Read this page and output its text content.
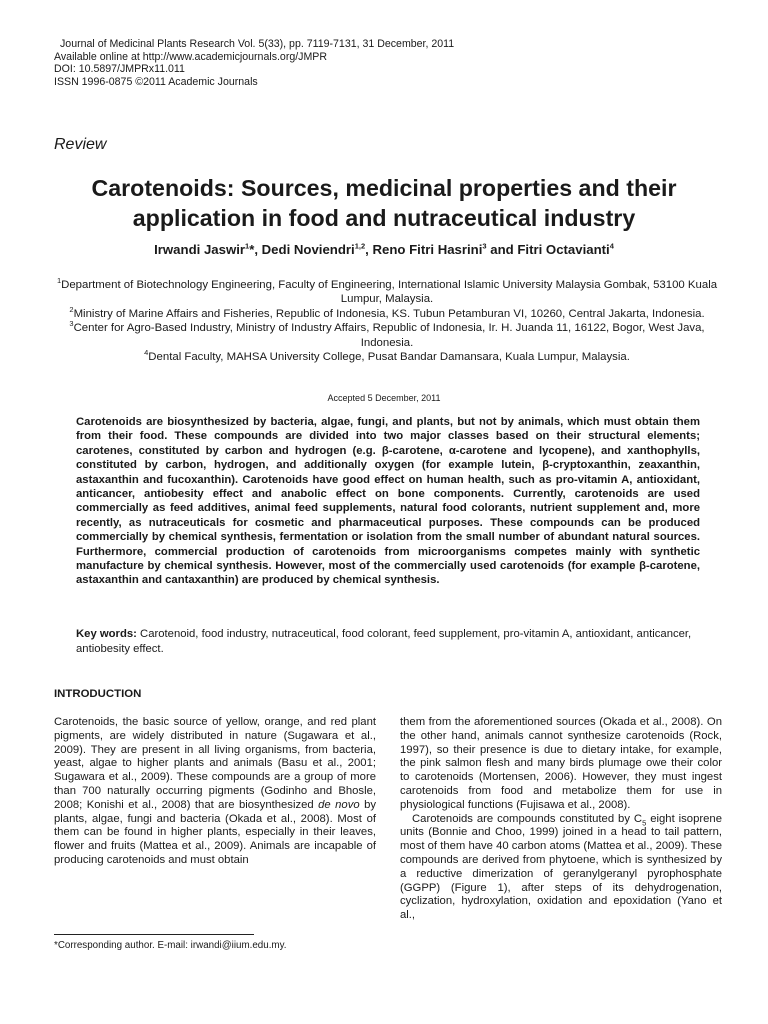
Journal of Medicinal Plants Research Vol. 5(33), pp. 7119-7131, 31 December, 2011
Available online at http://www.academicjournals.org/JMPR
DOI: 10.5897/JMPRx11.011
ISSN 1996-0875 ©2011 Academic Journals
Review
Carotenoids: Sources, medicinal properties and their
application in food and nutraceutical industry
Irwandi Jaswir$^1$*, Dedi Noviendri$^{1,2}$, Reno Fitri Hasrini$^3$ and Fitri Octavianti$^4$
$^1$Department of Biotechnology Engineering, Faculty of Engineering, International Islamic University Malaysia Gombak, 53100 Kuala Lumpur, Malaysia.
$^2$Ministry of Marine Affairs and Fisheries, Republic of Indonesia, KS. Tubun Petamburan VI, 10260, Central Jakarta, Indonesia.
$^3$Center for Agro-Based Industry, Ministry of Industry Affairs, Republic of Indonesia, Ir. H. Juanda 11, 16122, Bogor, West Java, Indonesia.
$^4$Dental Faculty, MAHSA University College, Pusat Bandar Damansara, Kuala Lumpur, Malaysia.
Accepted 5 December, 2011
Carotenoids are biosynthesized by bacteria, algae, fungi, and plants, but not by animals, which must obtain them from their food. These compounds are divided into two major classes based on their structural elements; carotenes, constituted by carbon and hydrogen (e.g. β-carotene, α-carotene and lycopene), and xanthophylls, constituted by carbon, hydrogen, and additionally oxygen (for example lutein, β-cryptoxanthin, zeaxanthin, astaxanthin and fucoxanthin). Carotenoids have good effect on human health, such as pro-vitamin A, antioxidant, anticancer, antiobesity effect and anabolic effect on bone components. Currently, carotenoids are used commercially as feed additives, animal feed supplements, natural food colorants, nutrient supplement and, more recently, as nutraceuticals for cosmetic and pharmaceutical purposes. These compounds can be produced commercially by chemical synthesis, fermentation or isolation from the small number of abundant natural sources. Furthermore, commercial production of carotenoids from microorganisms competes mainly with synthetic manufacture by chemical synthesis. However, most of the commercially used carotenoids (for example β-carotene, astaxanthin and cantaxanthin) are produced by chemical synthesis.
Key words: Carotenoid, food industry, nutraceutical, food colorant, feed supplement, pro-vitamin A, antioxidant, anticancer, antiobesity effect.
INTRODUCTION

Carotenoids, the basic source of yellow, orange, and red plant pigments, are widely distributed in nature (Sugawara et al., 2009). They are present in all living organisms, from bacteria, yeast, algae to higher plants and animals (Basu et al., 2001; Sugawara et al., 2009). These compounds are a group of more than 700 naturally occurring pigments (Godinho and Bhosle, 2008; Konishi et al., 2008) that are biosynthesized de novo by plants, algae, fungi and bacteria (Okada et al., 2008). Most of them can be found in higher plants, especially in their leaves, flower and fruits (Mattea et al., 2009). Animals are incapable of producing carotenoids and must obtain

them from the aforementioned sources (Okada et al., 2008). On the other hand, animals cannot synthesize carotenoids (Rock, 1997), so their presence is due to dietary intake, for example, the pink salmon flesh and many birds plumage owe their color to carotenoids (Mortensen, 2006). However, they must ingest carotenoids from food and metabolize them for use in physiological functions (Fujisawa et al., 2008).

Carotenoids are compounds constituted by $C_5$ eight isoprene units (Bonnie and Choo, 1999) joined in a head to tail pattern, most of them have 40 carbon atoms (Mattea et al., 2009). These compounds are derived from phytoene, which is synthesized by a reductive dimerization of geranylgeranyl pyrophosphate (GGPP) (Figure 1), after steps of its dehydrogenation, cyclization, hydroxylation, oxidation and epoxidation (Yano et al.,

*Corresponding author. E-mail: irwandi@iium.edu.my.
